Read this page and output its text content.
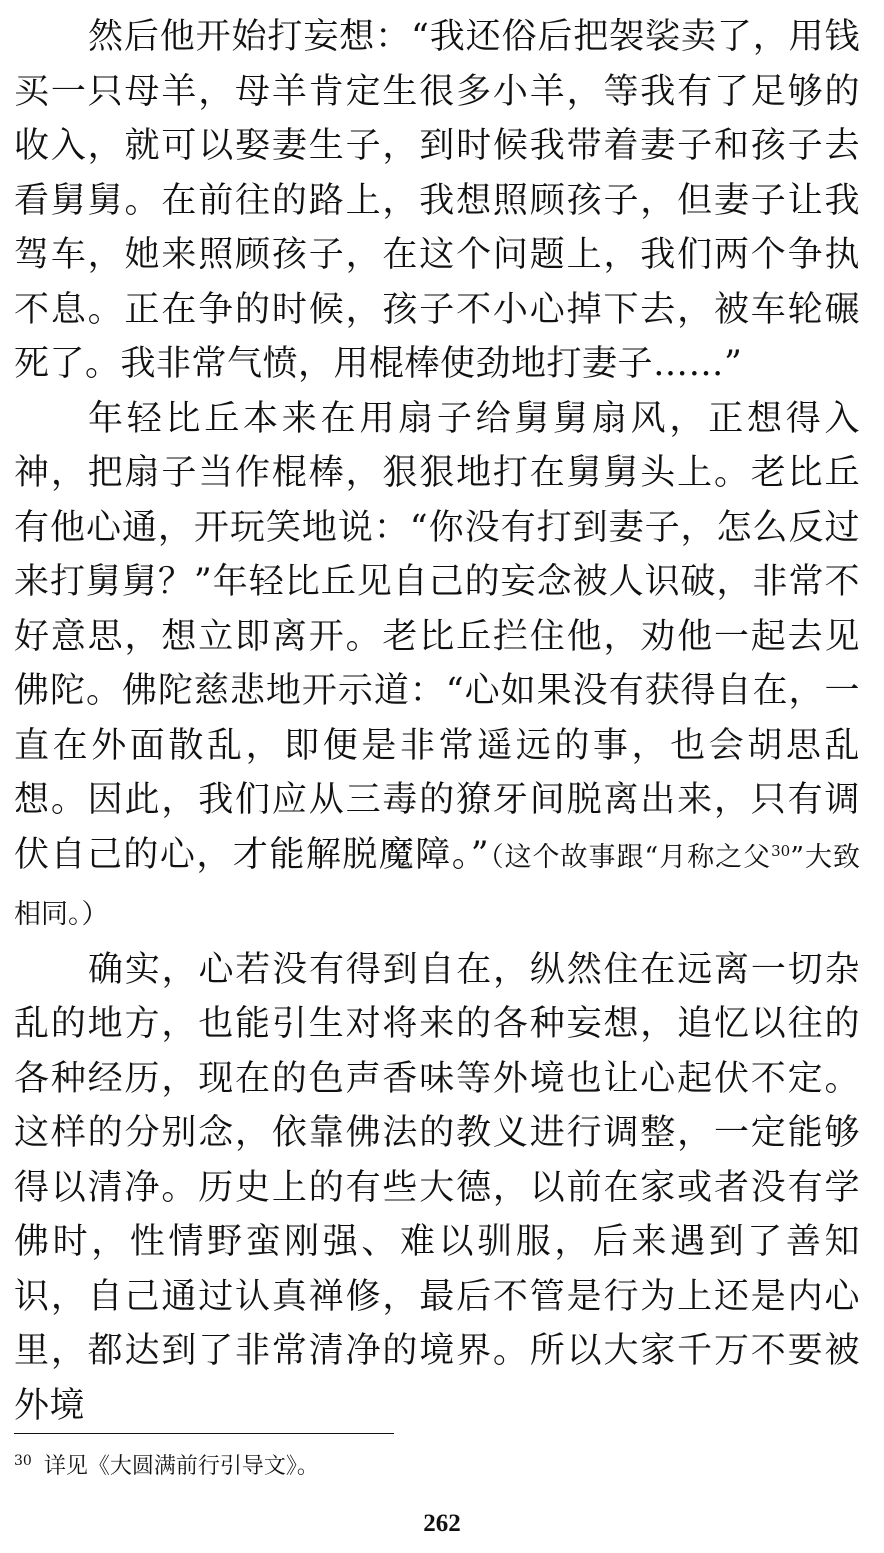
然后他开始打妄想：“我还俗后把袈裟卖了，用钱买一只母羊，母羊肯定生很多小羊，等我有了足够的收入，就可以娶妻生子，到时候我带着妻子和孩子去看舅舅。在前往的路上，我想照顾孩子，但妻子让我驾车，她来照顾孩子，在这个问题上，我们两个争执不息。正在争的时候，孩子不小心掉下去，被车轮碾死了。我非常气愤，用棍棒使劲地打妻子……”

年轻比丘本来在用扇子给舅舅扇风，正想得入神，把扇子当作棍棒，狠狠地打在舅舅头上。老比丘有他心通，开玩笑地说：“你没有打到妻子，怎么反过来打舅舅？”年轻比丘见自己的妄念被人识破，非常不好意思，想立即离开。老比丘拦住他，劝他一起去见佛陀。佛陀慈悲地开示道：“心如果没有获得自在，一直在外面散乱，即便是非常遥远的事，也会胡思乱想。因此，我们应从三毒的獠牙间脱离出来，只有调伏自己的心，才能解脱魔障。”（这个故事跟“月称之父$^{30}$”大致相同。）

确实，心若没有得到自在，纵然住在远离一切杂乱的地方，也能引生对将来的各种妄想，追忆以往的各种经历，现在的色声香味等外境也让心起伏不定。这样的分别念，依靠佛法的教义进行调整，一定能够得以清净。历史上的有些大德，以前在家或者没有学佛时，性情野蛮刚强、难以驯服，后来遇到了善知识，自己通过认真禅修，最后不管是行为上还是内心里，都达到了非常清净的境界。所以大家千万不要被外境

$^{30}$ 详见《大圆满前行引导文》。
262
